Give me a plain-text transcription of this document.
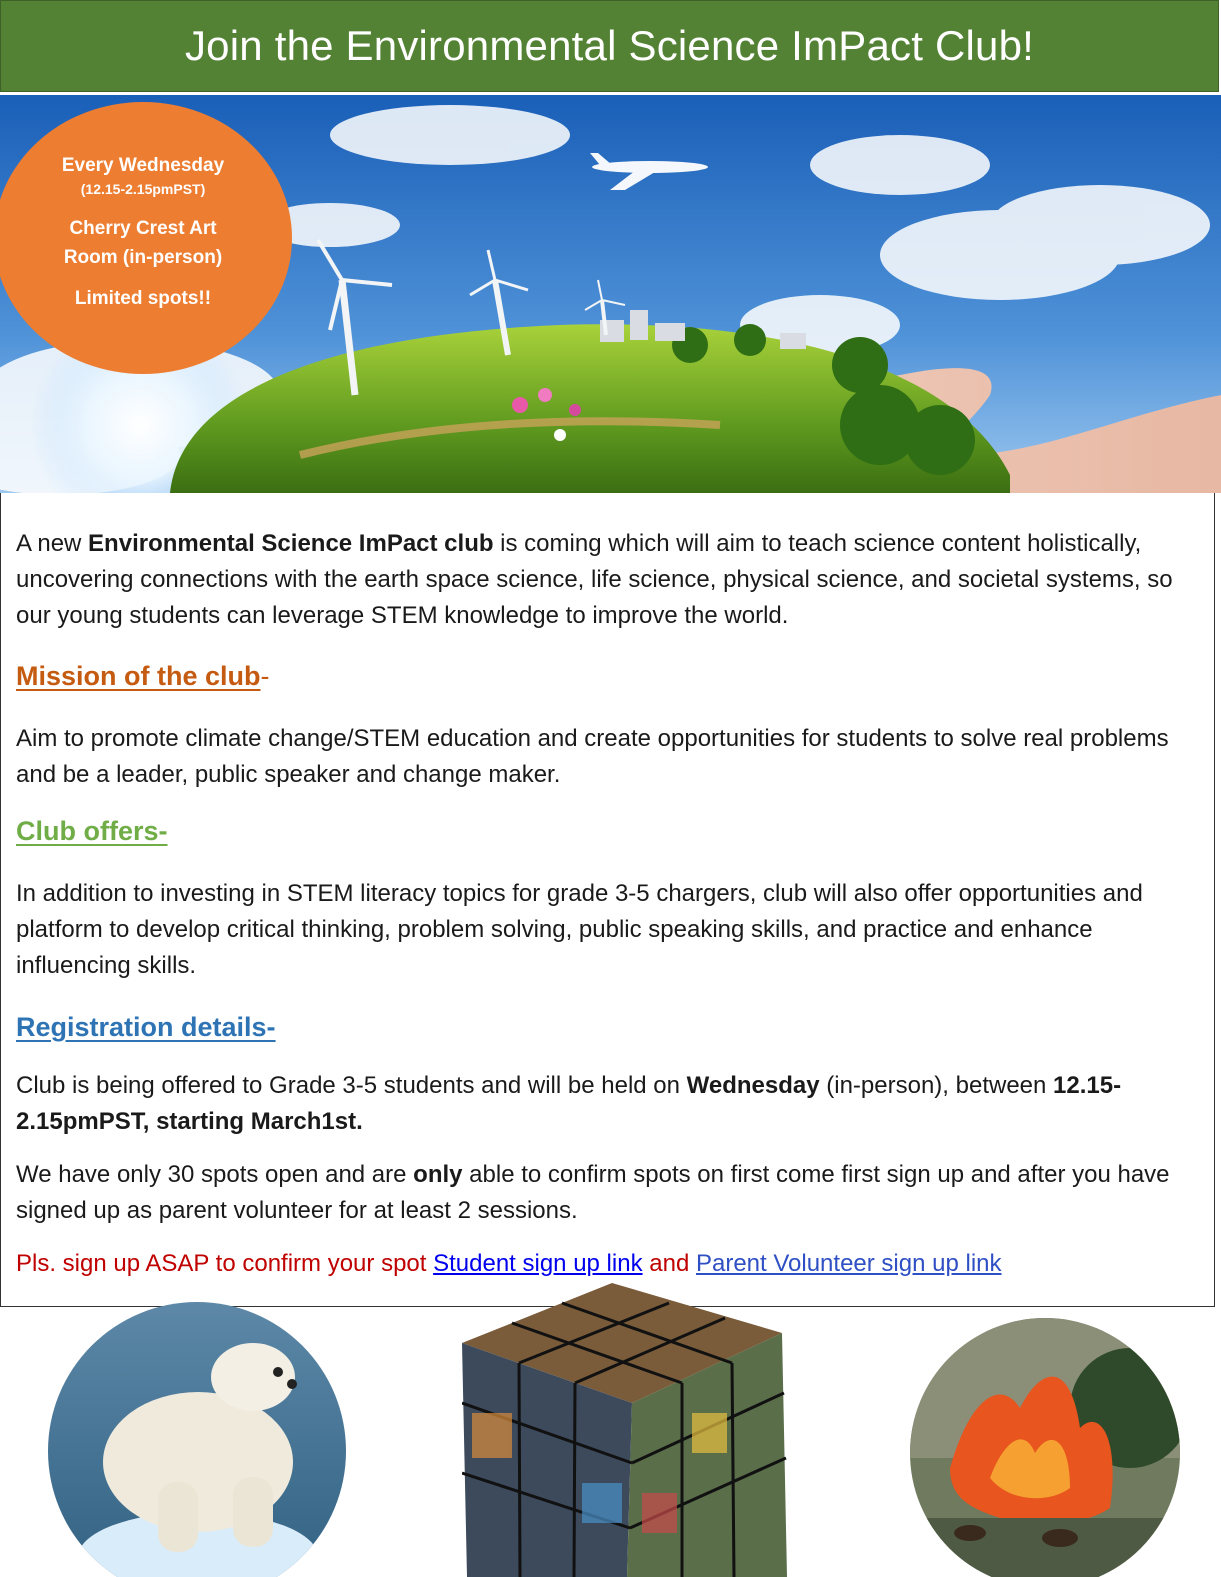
Join the Environmental Science ImPact Club!
Every Wednesday
(12.15-2.15pmPST)
Cherry Crest Art
Room (in-person)
Limited spots!!

A new Environmental Science ImPact club is coming which will aim to teach science content holistically, uncovering connections with the earth space science, life science, physical science, and societal systems, so our young students can leverage STEM knowledge to improve the world.

Mission of the club-

Aim to promote climate change/STEM education and create opportunities for students to solve real problems and be a leader, public speaker and change maker.

Club offers-

In addition to investing in STEM literacy topics for grade 3-5 chargers, club will also offer opportunities and platform to develop critical thinking, problem solving, public speaking skills, and practice and enhance influencing skills.

Registration details-

Club is being offered to Grade 3-5 students and will be held on Wednesday (in-person), between 12.15-2.15pmPST, starting March1st.

We have only 30 spots open and are only able to confirm spots on first come first sign up and after you have signed up as parent volunteer for at least 2 sessions.

Pls. sign up ASAP to confirm your spot Student sign up link and Parent Volunteer sign up link
